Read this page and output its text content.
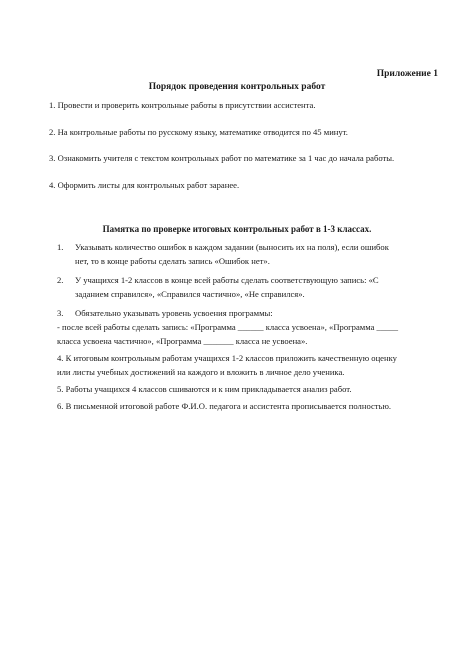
Приложение 1
Порядок проведения контрольных работ
1. Провести и проверить контрольные работы в присутствии ассистента.
2. На контрольные работы по русскому языку, математике отводится по 45 минут.
3. Ознакомить учителя с текстом контрольных работ по математике за 1 час до начала работы.
4. Оформить листы для контрольных работ заранее.
Памятка по проверке итоговых контрольных работ в 1-3 классах.
1. Указывать количество ошибок в каждом задании (выносить их на поля), если ошибок
нет, то в конце работы сделать запись «Ошибок нет».
2. У учащихся 1-2 классов в конце всей работы сделать соответствующую запись: «С
заданием справился», «Справился частично», «Не справился».
3. Обязательно указывать уровень усвоения программы:
- после всей работы сделать запись: «Программа ______ класса усвоена», «Программа _____
класса усвоена частично», «Программа _______ класса не усвоена».
4. К итоговым контрольным работам учащихся 1-2 классов приложить качественную оценку
или листы учебных достижений на каждого и вложить в личное дело ученика.
5. Работы учащихся 4 классов сшиваются и к ним прикладывается анализ работ.
6. В письменной итоговой работе Ф.И.О. педагога и ассистента прописывается полностью.
